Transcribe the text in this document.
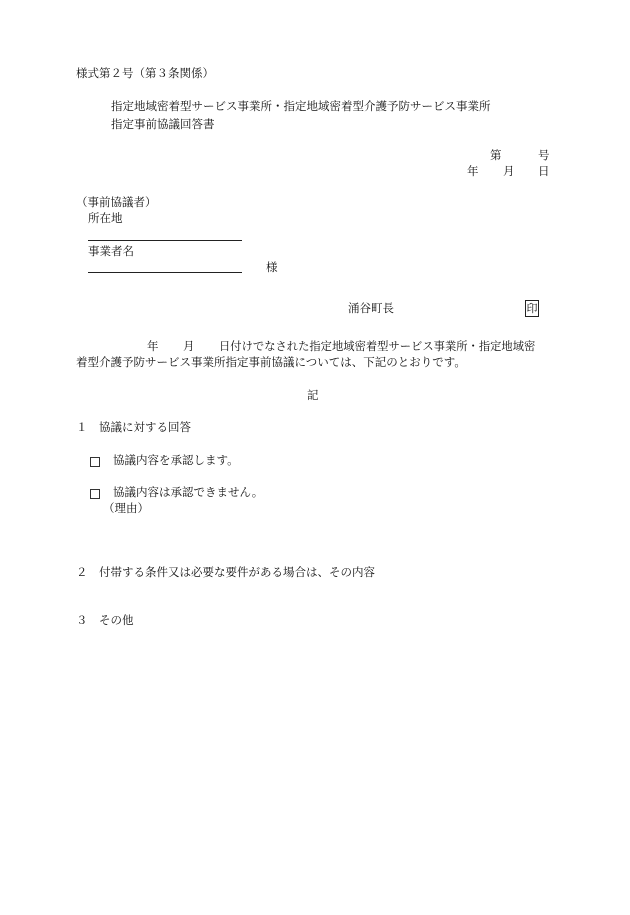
様式第２号（第３条関係）
指定地域密着型サービス事業所・指定地域密着型介護予防サービス事業所
指定事前協議回答書
第	号
年 月 日
（事前協議者）
所在地
事業者名
様
涌谷町長	印
年 月 日付けでなされた指定地域密着型サービス事業所・指定地域密
着型介護予防サービス事業所指定事前協議については、下記のとおりです。
記
１　協議に対する回答
協議内容を承認します。
協議内容は承認できません。
（理由）
２　付帯する条件又は必要な要件がある場合は、その内容
３　その他
